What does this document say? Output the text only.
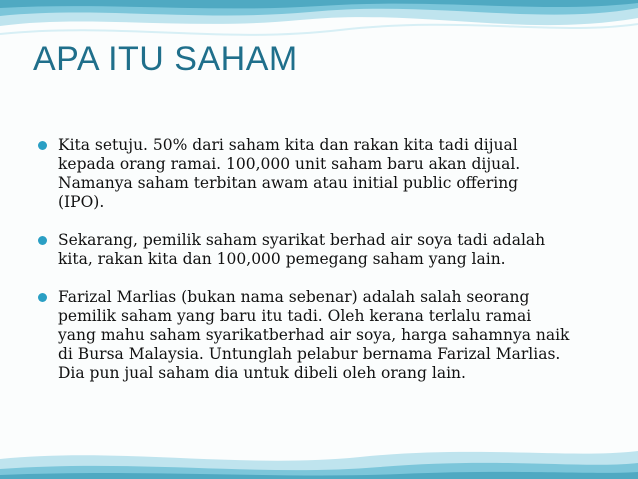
APA ITU SAHAM
Kita setuju. 50% dari saham kita dan rakan kita tadi dijual
kepada orang ramai. 100,000 unit saham baru akan dijual.
Namanya saham terbitan awam atau initial public offering
(IPO).
Sekarang, pemilik saham syarikat berhad air soya tadi adalah
kita, rakan kita dan 100,000 pemegang saham yang lain.
Farizal Marlias (bukan nama sebenar) adalah salah seorang
pemilik saham yang baru itu tadi. Oleh kerana terlalu ramai
yang mahu saham syarikatberhad air soya, harga sahamnya naik
di Bursa Malaysia. Untunglah pelabur bernama Farizal Marlias.
Dia pun jual saham dia untuk dibeli oleh orang lain.
